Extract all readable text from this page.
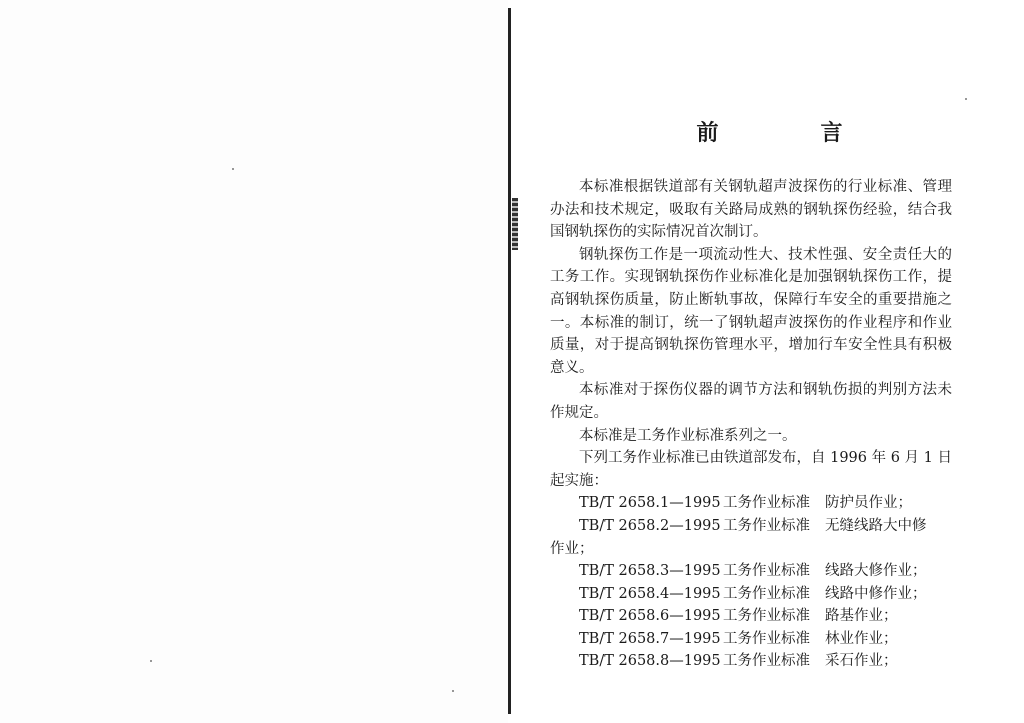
前　言

本标准根据铁道部有关钢轨超声波探伤的行业标准、管理办法和技术规定，吸取有关路局成熟的钢轨探伤经验，结合我国钢轨探伤的实际情况首次制订。

钢轨探伤工作是一项流动性大、技术性强、安全责任大的工务工作。实现钢轨探伤作业标准化是加强钢轨探伤工作，提高钢轨探伤质量，防止断轨事故，保障行车安全的重要措施之一。本标准的制订，统一了钢轨超声波探伤的作业程序和作业质量，对于提高钢轨探伤管理水平，增加行车安全性具有积极意义。

本标准对于探伤仪器的调节方法和钢轨伤损的判别方法未作规定。

本标准是工务作业标准系列之一。

下列工务作业标准已由铁道部发布，自 1996 年 6 月 1 日起实施：

TB/T 2658.1—1995 工务作业标准	防护员作业；
TB/T 2658.2—1995 工务作业标准	无缝线路大中修
作业；
TB/T 2658.3—1995 工务作业标准	线路大修作业；
TB/T 2658.4—1995 工务作业标准	线路中修作业；
TB/T 2658.6—1995 工务作业标准	路基作业；
TB/T 2658.7—1995 工务作业标准	林业作业；
TB/T 2658.8—1995 工务作业标准	采石作业；
